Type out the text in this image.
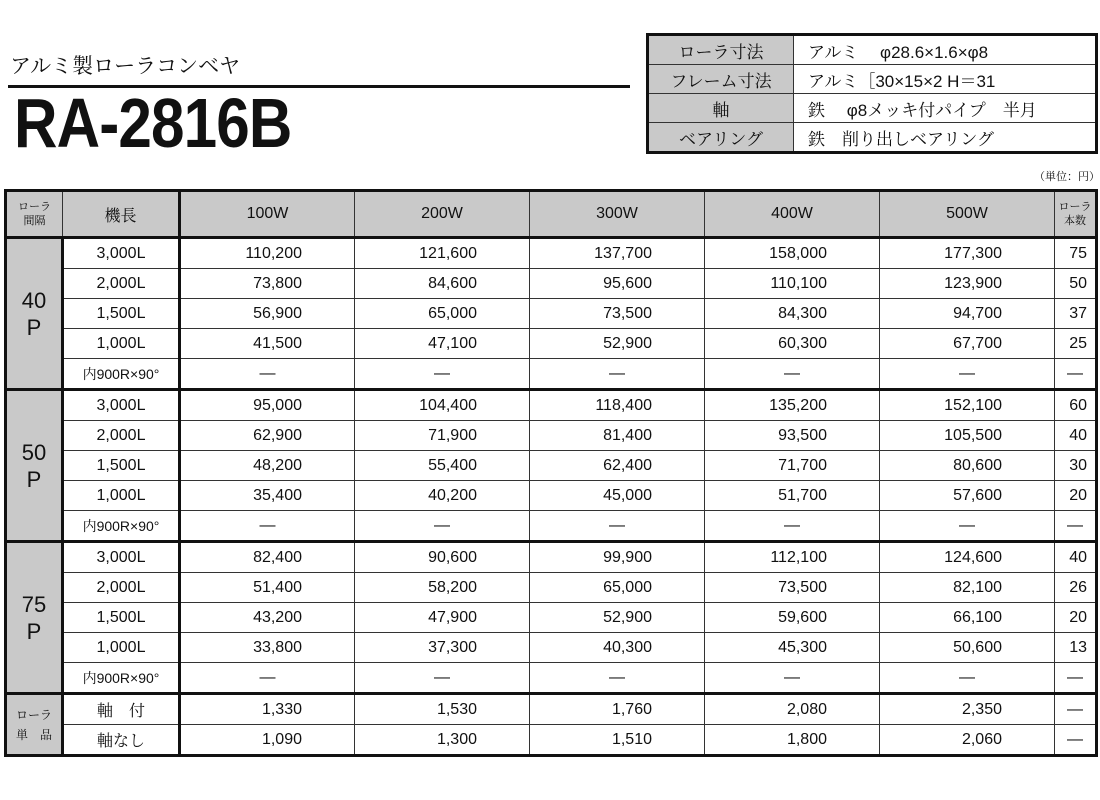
アルミ製ローラコンベヤ
RA-2816B
ローラ寸法	アルミ　 φ28.6×1.6×φ8
フレーム寸法	アルミ［30×15×2 H＝31
軸	鉄　 φ8メッキ付パイプ　半月
ベアリング	鉄　削り出しベアリング
（単位：円）
ローラ
間隔	機長	100W	200W	300W	400W	500W	ローラ
本数
40
P	3,000L	110,200	121,600	137,700	158,000	177,300	75
	2,000L	73,800	84,600	95,600	110,100	123,900	50
	1,500L	56,900	65,000	73,500	84,300	94,700	37
	1,000L	41,500	47,100	52,900	60,300	67,700	25
	内900R×90°	—	—	—	—	—	—
50
P	3,000L	95,000	104,400	118,400	135,200	152,100	60
	2,000L	62,900	71,900	81,400	93,500	105,500	40
	1,500L	48,200	55,400	62,400	71,700	80,600	30
	1,000L	35,400	40,200	45,000	51,700	57,600	20
	内900R×90°	—	—	—	—	—	—
75
P	3,000L	82,400	90,600	99,900	112,100	124,600	40
	2,000L	51,400	58,200	65,000	73,500	82,100	26
	1,500L	43,200	47,900	52,900	59,600	66,100	20
	1,000L	33,800	37,300	40,300	45,300	50,600	13
	内900R×90°	—	—	—	—	—	—
ローラ
単　品	軸　付	1,330	1,530	1,760	2,080	2,350	—
	軸なし	1,090	1,300	1,510	1,800	2,060	—
